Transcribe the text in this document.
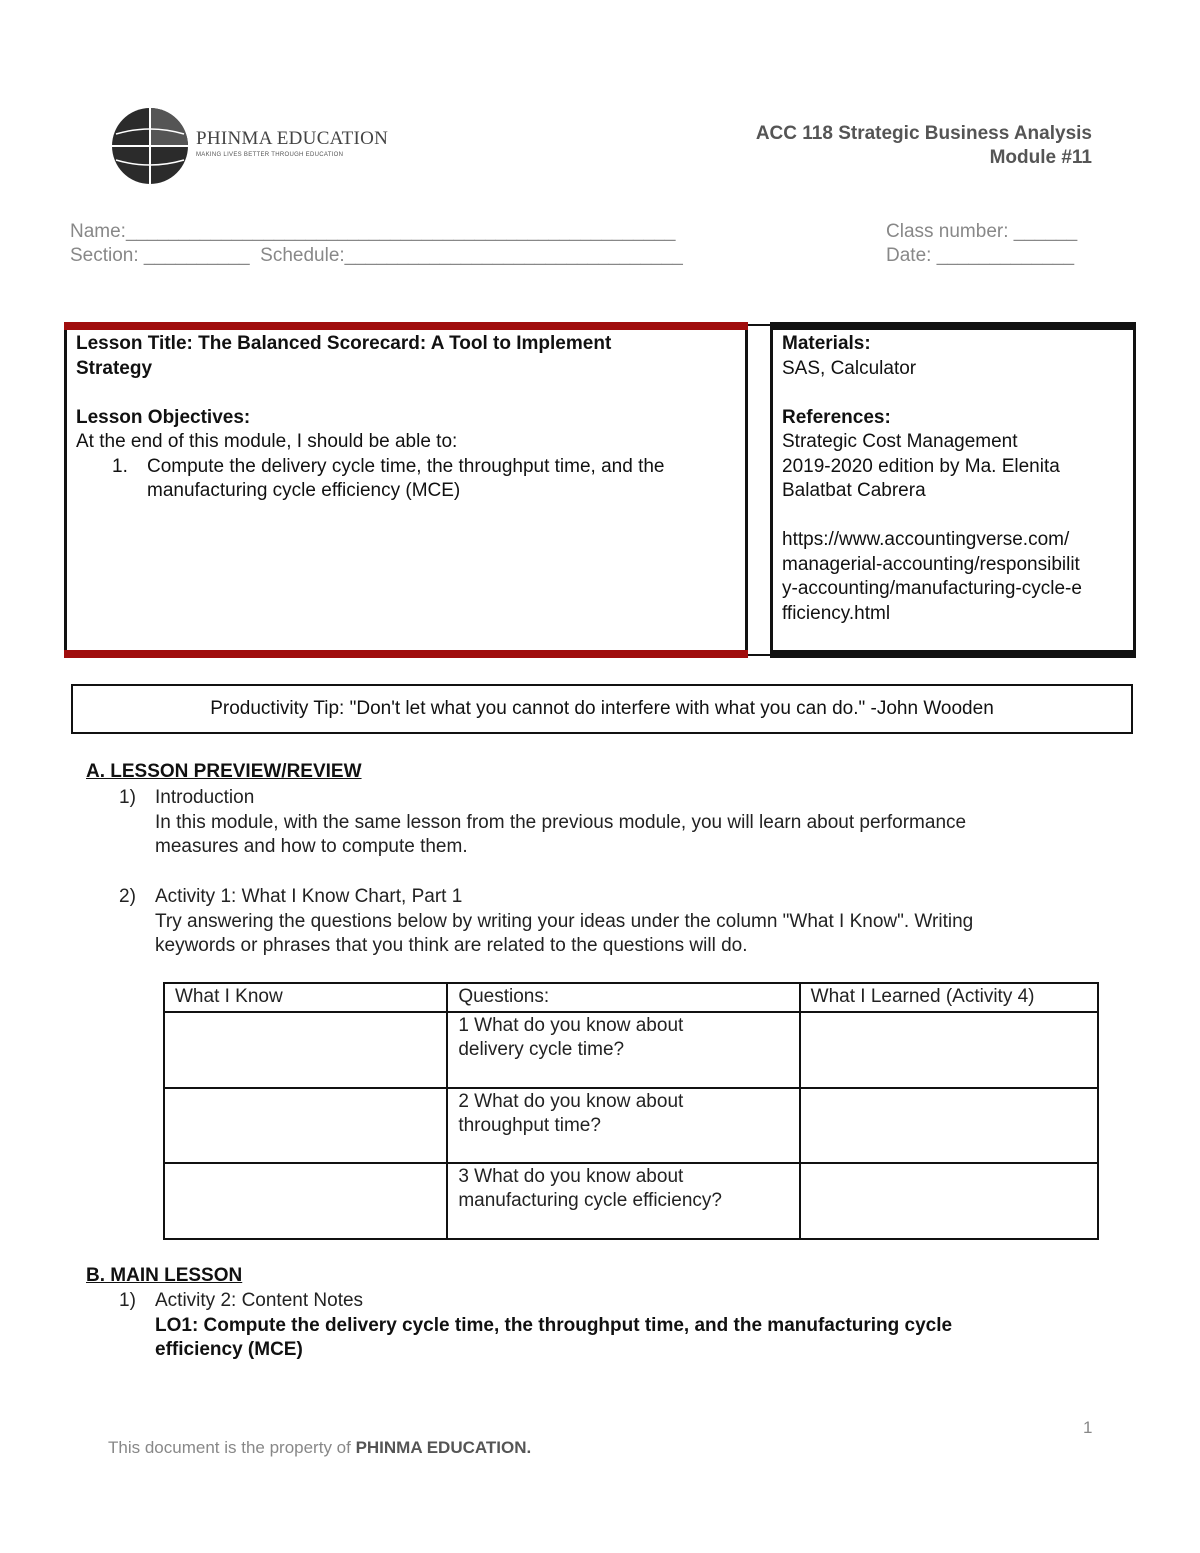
PHINMA EDUCATION
MAKING LIVES BETTER THROUGH EDUCATION
ACC 118 Strategic Business Analysis
Module #11
Name:____________________________________________________
Section: __________  Schedule:________________________________
Class number: ______
Date: _____________
Lesson Title: The Balanced Scorecard: A Tool to Implement
Strategy
Lesson Objectives:
At the end of this module, I should be able to:
1. Compute the delivery cycle time, the throughput time, and the
manufacturing cycle efficiency (MCE)
Materials:
SAS, Calculator
References:
Strategic Cost Management
2019-2020 edition by Ma. Elenita
Balatbat Cabrera
https://www.accountingverse.com/
managerial-accounting/responsibilit
y-accounting/manufacturing-cycle-e
fficiency.html
Productivity Tip: "Don't let what you cannot do interfere with what you can do." -John Wooden
A. LESSON PREVIEW/REVIEW
1) Introduction
In this module, with the same lesson from the previous module, you will learn about performance
measures and how to compute them.
2) Activity 1: What I Know Chart, Part 1
Try answering the questions below by writing your ideas under the column "What I Know". Writing
keywords or phrases that you think are related to the questions will do.
What I Know	Questions:	What I Learned (Activity 4)

	1 What do you know about
delivery cycle time?	

	2 What do you know about
throughput time?	

	3 What do you know about
manufacturing cycle efficiency?	

B. MAIN LESSON
1) Activity 2: Content Notes
LO1: Compute the delivery cycle time, the throughput time, and the manufacturing cycle
efficiency (MCE)
1
This document is the property of PHINMA EDUCATION.
